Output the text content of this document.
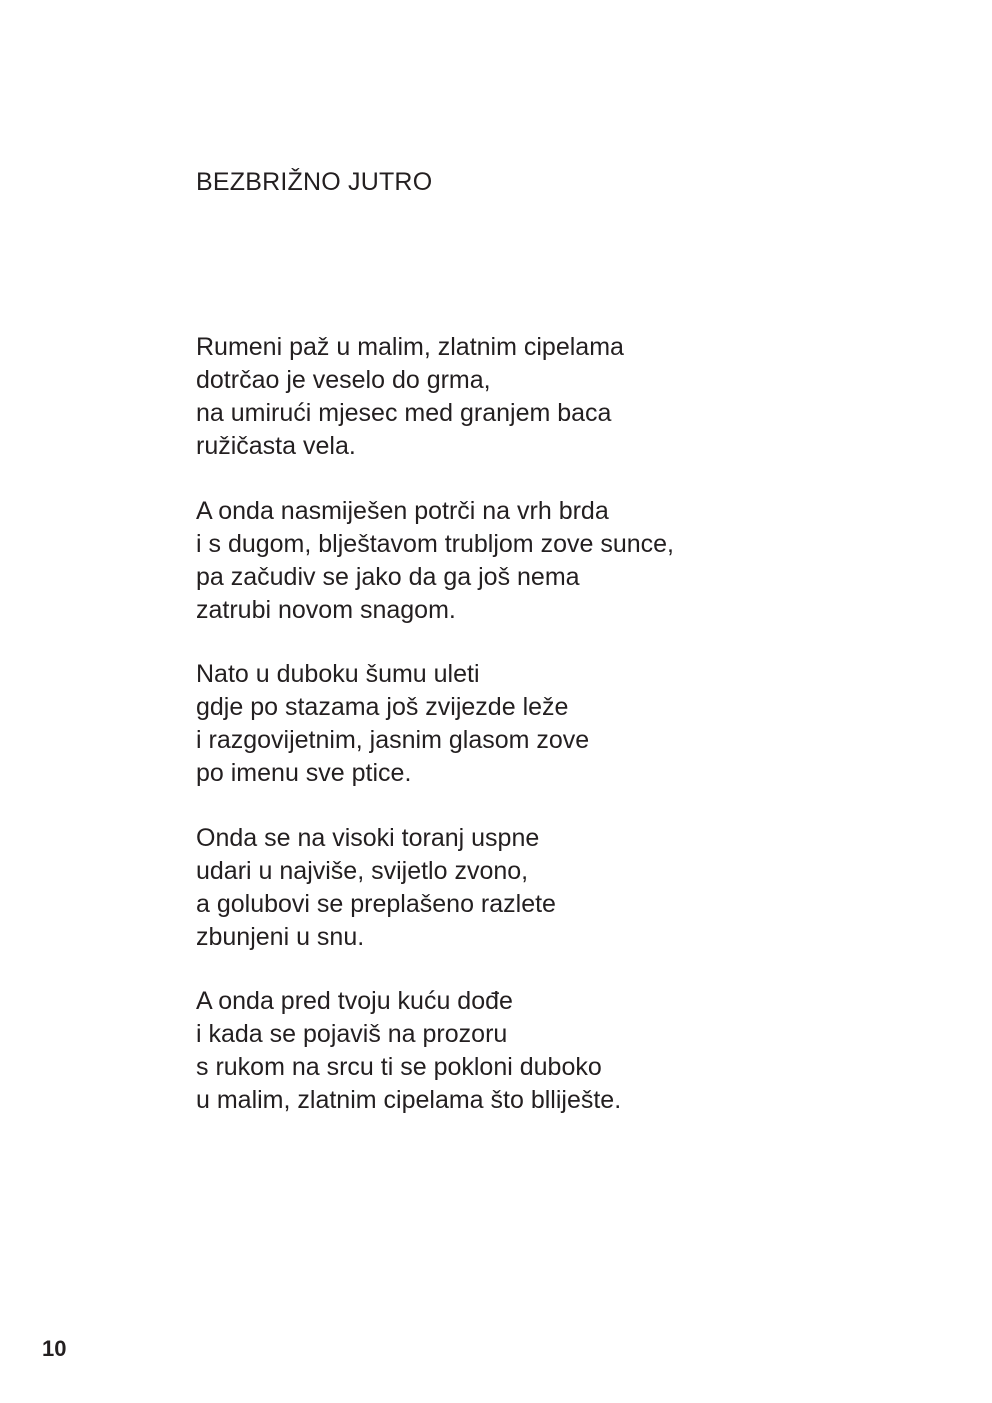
BEZBRIŽNO JUTRO
Rumeni paž u malim, zlatnim cipelama
dotrčao je veselo do grma,
na umirući mjesec med granjem baca
ružičasta vela.
A onda nasmiješen potrči na vrh brda
i s dugom, blještavom trubljom zove sunce,
pa začudiv se jako da ga još nema
zatrubi novom snagom.
Nato u duboku šumu uleti
gdje po stazama još zvijezde leže
i razgovijetnim, jasnim glasom zove
po imenu sve ptice.
Onda se na visoki toranj uspne
udari u najviše, svijetlo zvono,
a golubovi se preplašeno razlete
zbunjeni u snu.
A onda pred tvoju kuću dođe
i kada se pojaviš na prozoru
s rukom na srcu ti se pokloni duboko
u malim, zlatnim cipelama što blliješte.
10
